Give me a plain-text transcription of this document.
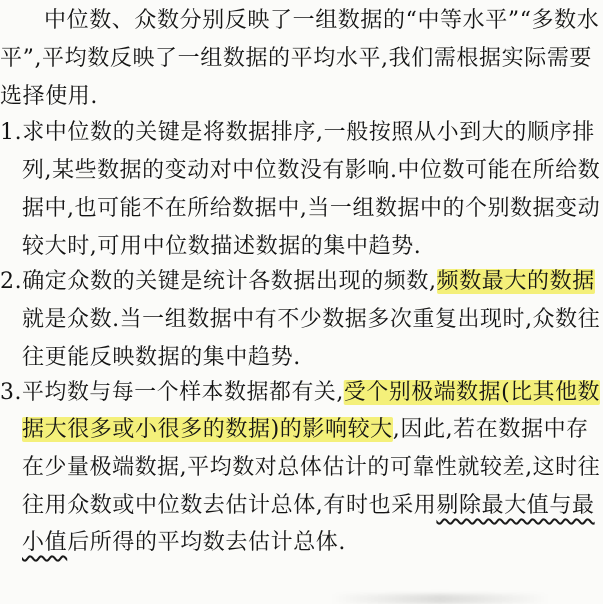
中位数、众数分别反映了一组数据的“中等水平”“多数水
平”,平均数反映了一组数据的平均水平,我们需根据实际需要
选择使用.
1.求中位数的关键是将数据排序,一般按照从小到大的顺序排
列,某些数据的变动对中位数没有影响.中位数可能在所给数
据中,也可能不在所给数据中,当一组数据中的个别数据变动
较大时,可用中位数描述数据的集中趋势.
2.确定众数的关键是统计各数据出现的频数,频数最大的数据
就是众数.当一组数据中有不少数据多次重复出现时,众数往
往更能反映数据的集中趋势.
3.平均数与每一个样本数据都有关,受个别极端数据(比其他数
据大很多或小很多的数据)的影响较大,因此,若在数据中存
在少量极端数据,平均数对总体估计的可靠性就较差,这时往
往用众数或中位数去估计总体,有时也采用剔除最大值与最
小值后所得的平均数去估计总体.
